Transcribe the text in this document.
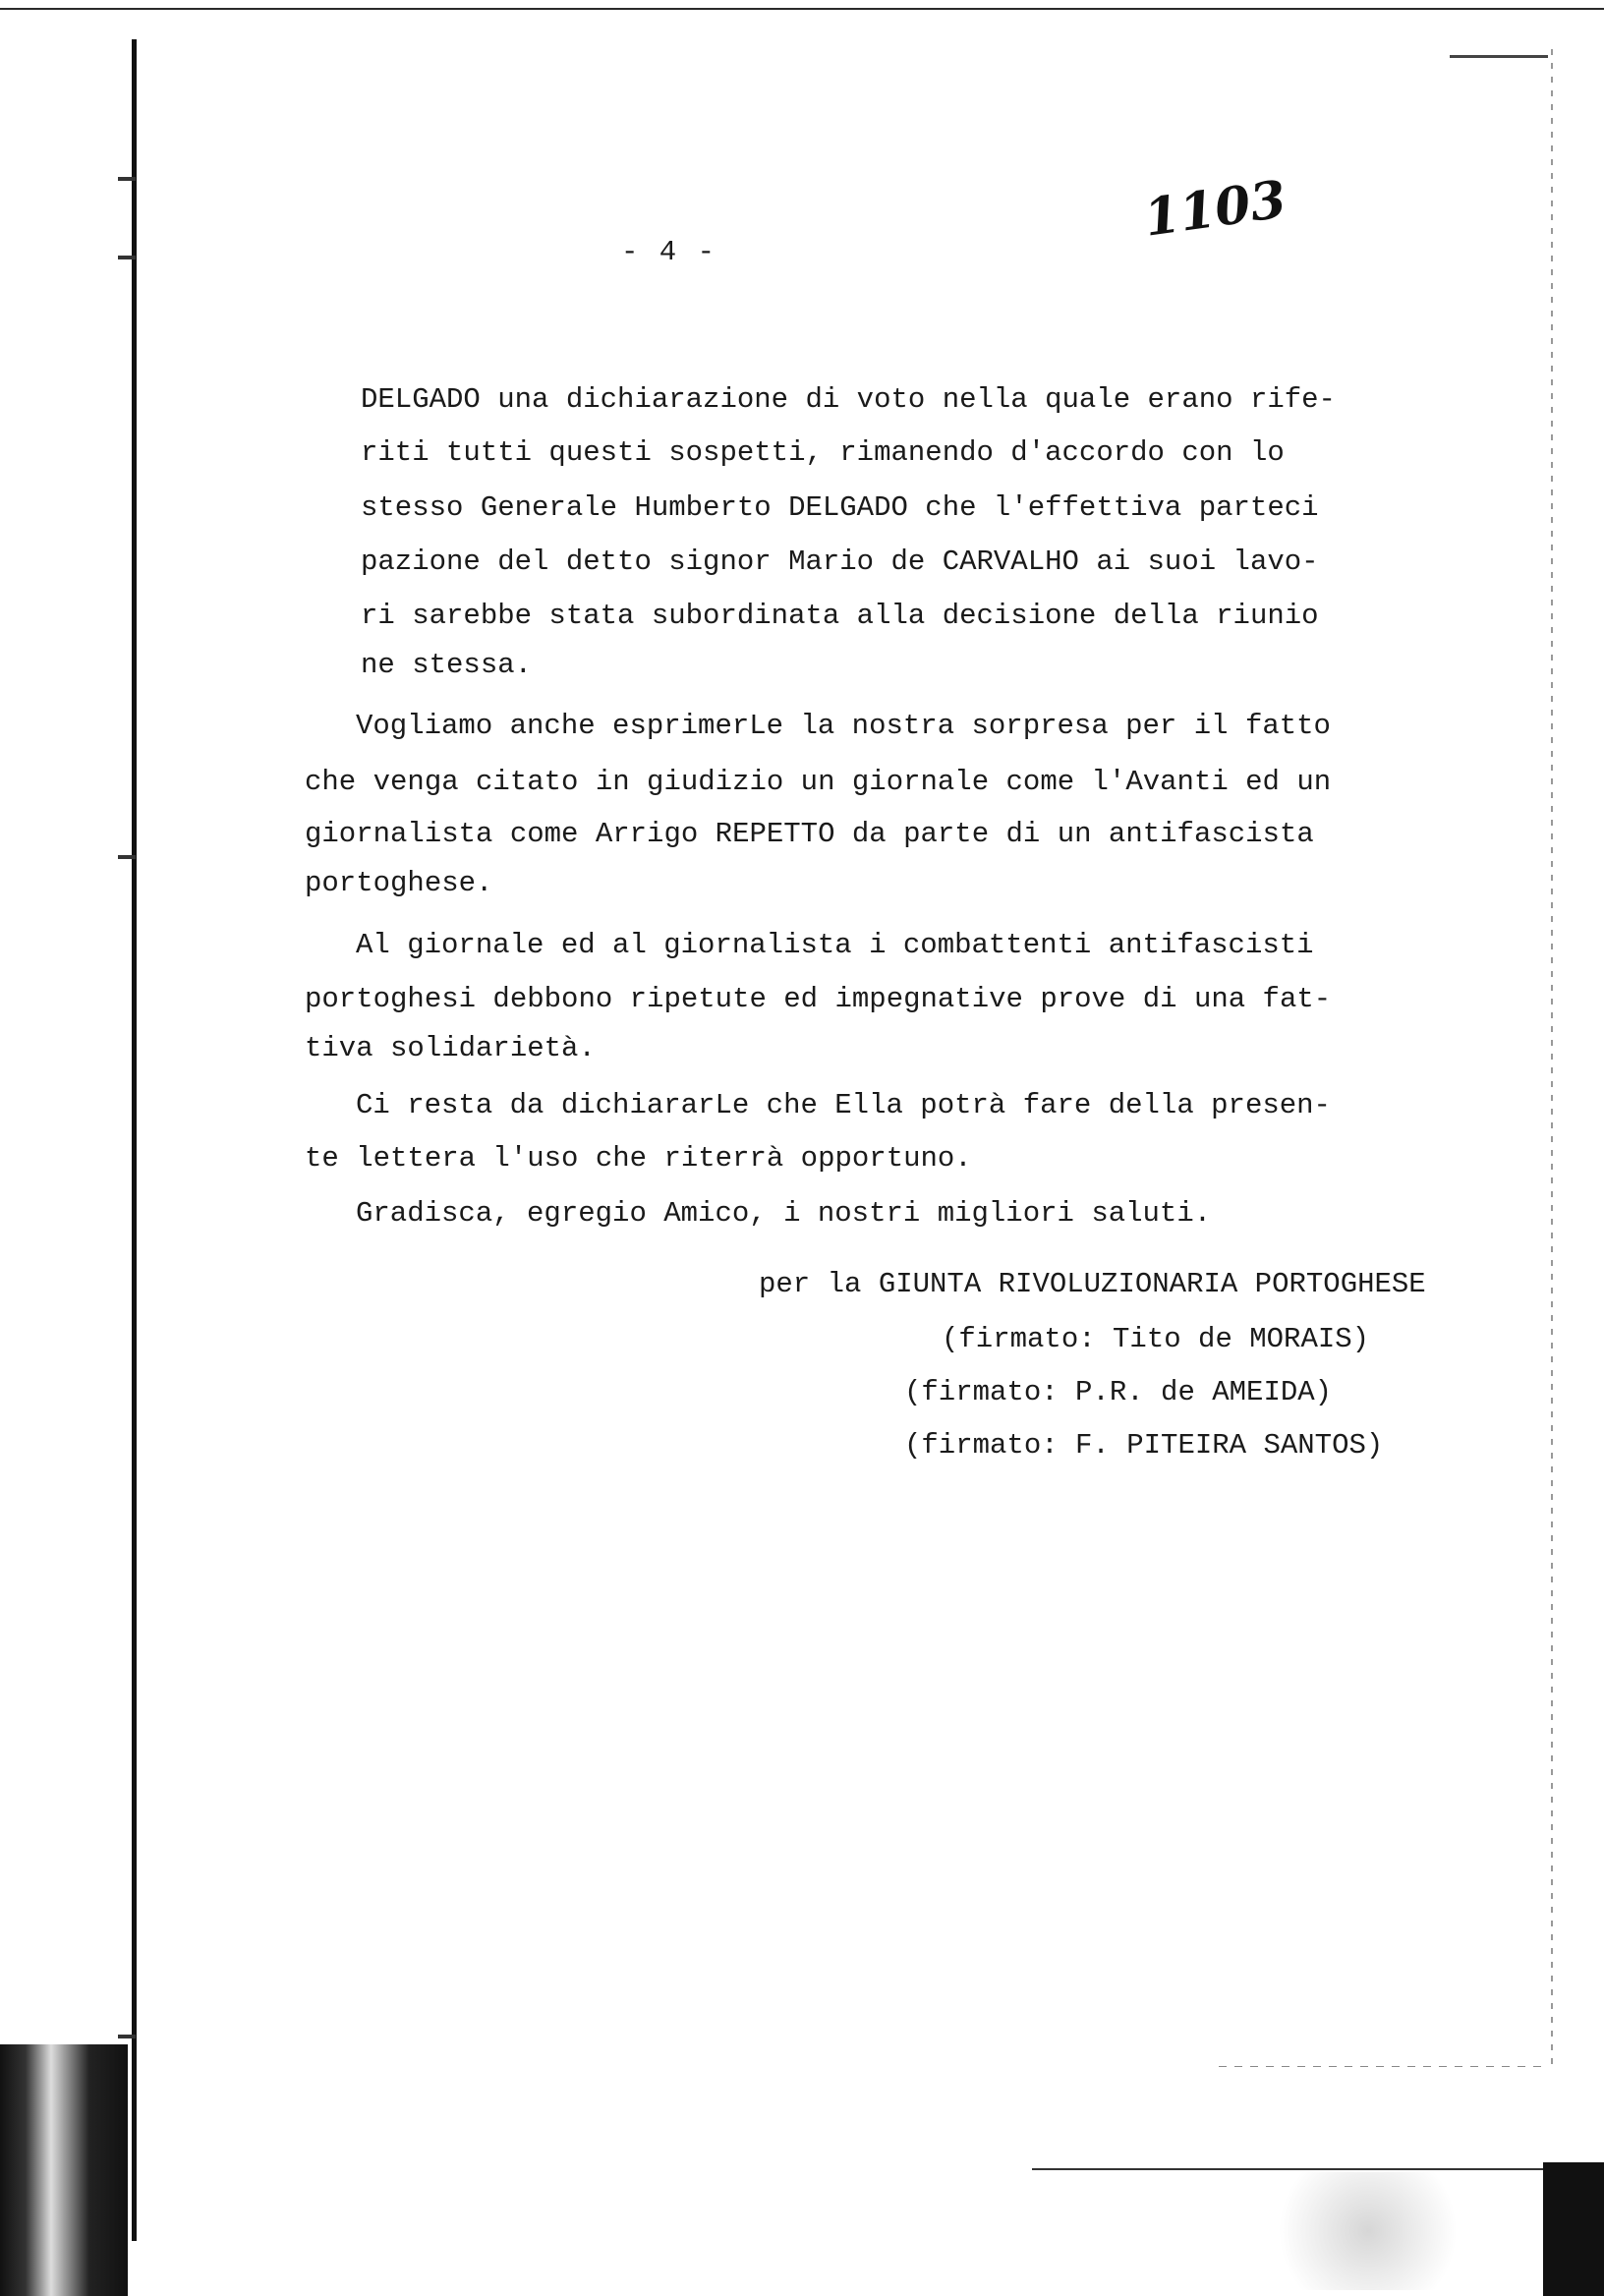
- 4 -
1103
DELGADO una dichiarazione di voto nella quale erano rife-
riti tutti questi sospetti, rimanendo d'accordo con lo
stesso Generale Humberto DELGADO che l'effettiva parteci
pazione del detto signor Mario de CARVALHO ai suoi lavo-
ri sarebbe stata subordinata alla decisione della riunio
ne stessa.
Vogliamo anche esprimerLe la nostra sorpresa per il fatto
che venga citato in giudizio un giornale come l'Avanti ed un
giornalista come Arrigo REPETTO da parte di un antifascista
portoghese.
Al giornale ed al giornalista i combattenti antifascisti
portoghesi debbono ripetute ed impegnative prove di una fat-
tiva solidarietà.
Ci resta da dichiararLe che Ella potrà fare della presen-
te lettera l'uso che riterrà opportuno.
Gradisca, egregio Amico, i nostri migliori saluti.
per la GIUNTA RIVOLUZIONARIA PORTOGHESE
(firmato: Tito de MORAIS)
(firmato: P.R. de AMEIDA)
(firmato: F. PITEIRA SANTOS)
